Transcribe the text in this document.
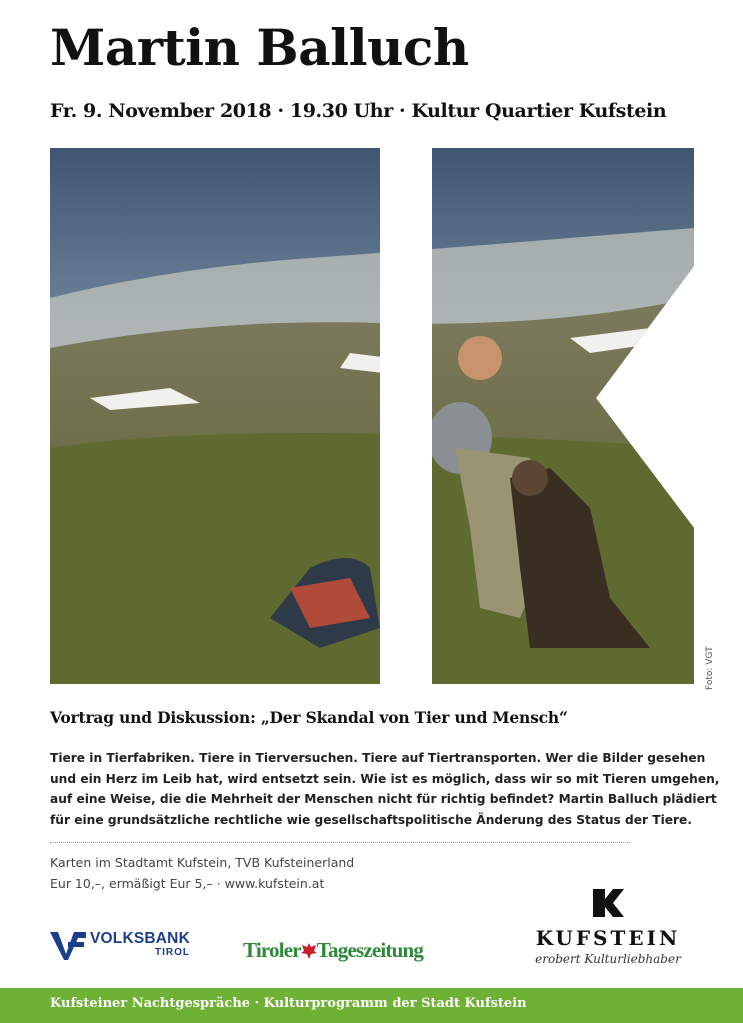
Martin Balluch
Fr. 9. November 2018 · 19.30 Uhr · Kultur Quartier Kufstein
Foto: VGT
Vortrag und Diskussion: „Der Skandal von Tier und Mensch“
Tiere in Tierfabriken. Tiere in Tierversuchen. Tiere auf Tiertransporten. Wer die Bilder gesehen
und ein Herz im Leib hat, wird entsetzt sein. Wie ist es möglich, dass wir so mit Tieren umgehen,
auf eine Weise, die die Mehrheit der Menschen nicht für richtig befindet? Martin Balluch plädiert
für eine grundsätzliche rechtliche wie gesellschaftspolitische Änderung des Status der Tiere.
Karten im Stadtamt Kufstein, TVB Kufsteinerland
Eur 10,–, ermäßigt Eur 5,– · www.kufstein.at
VOLKSBANK
TIROL	Tiroler Tageszeitung	KUFSTEIN
erobert Kulturliebhaber
Kufsteiner Nachtgespräche · Kulturprogramm der Stadt Kufstein
